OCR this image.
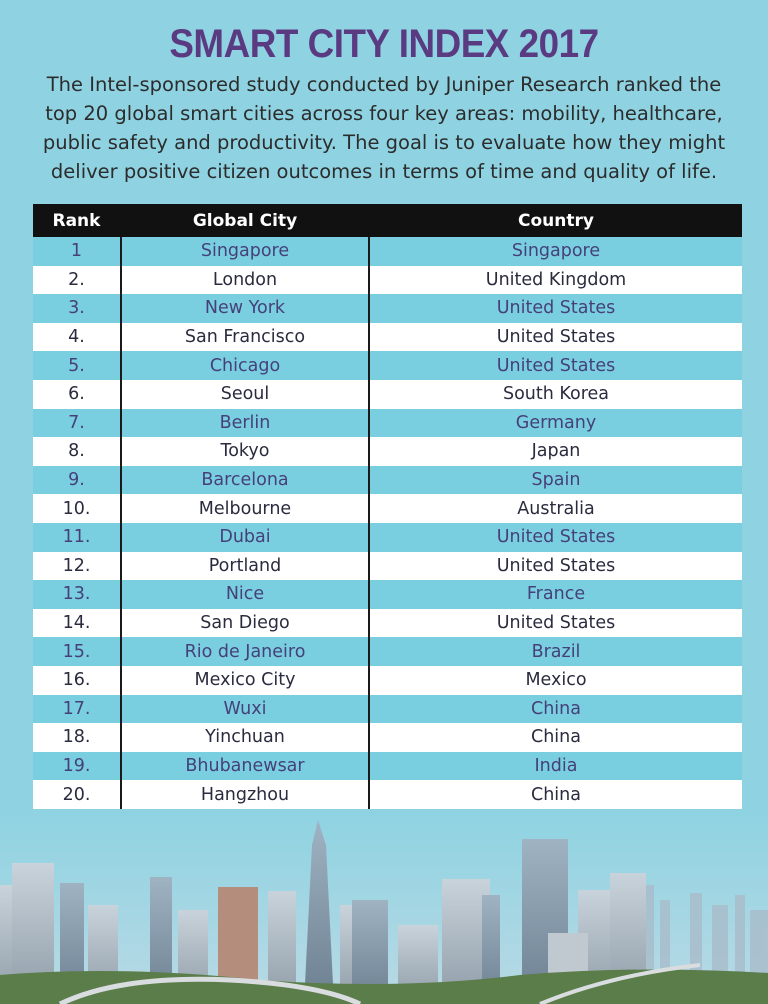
SMART CITY INDEX 2017
The Intel-sponsored study conducted by Juniper Research ranked the top 20 global smart cities across four key areas: mobility, healthcare, public safety and productivity. The goal is to evaluate how they might deliver positive citizen outcomes in terms of time and quality of life.
Rank	Global City	Country
1	Singapore	Singapore
2.	London	United Kingdom
3.	New York	United States
4.	San Francisco	United States
5.	Chicago	United States
6.	Seoul	South Korea
7.	Berlin	Germany
8.	Tokyo	Japan
9.	Barcelona	Spain
10.	Melbourne	Australia
11.	Dubai	United States
12.	Portland	United States
13.	Nice	France
14.	San Diego	United States
15.	Rio de Janeiro	Brazil
16.	Mexico City	Mexico
17.	Wuxi	China
18.	Yinchuan	China
19.	Bhubanewsar	India
20.	Hangzhou	China
